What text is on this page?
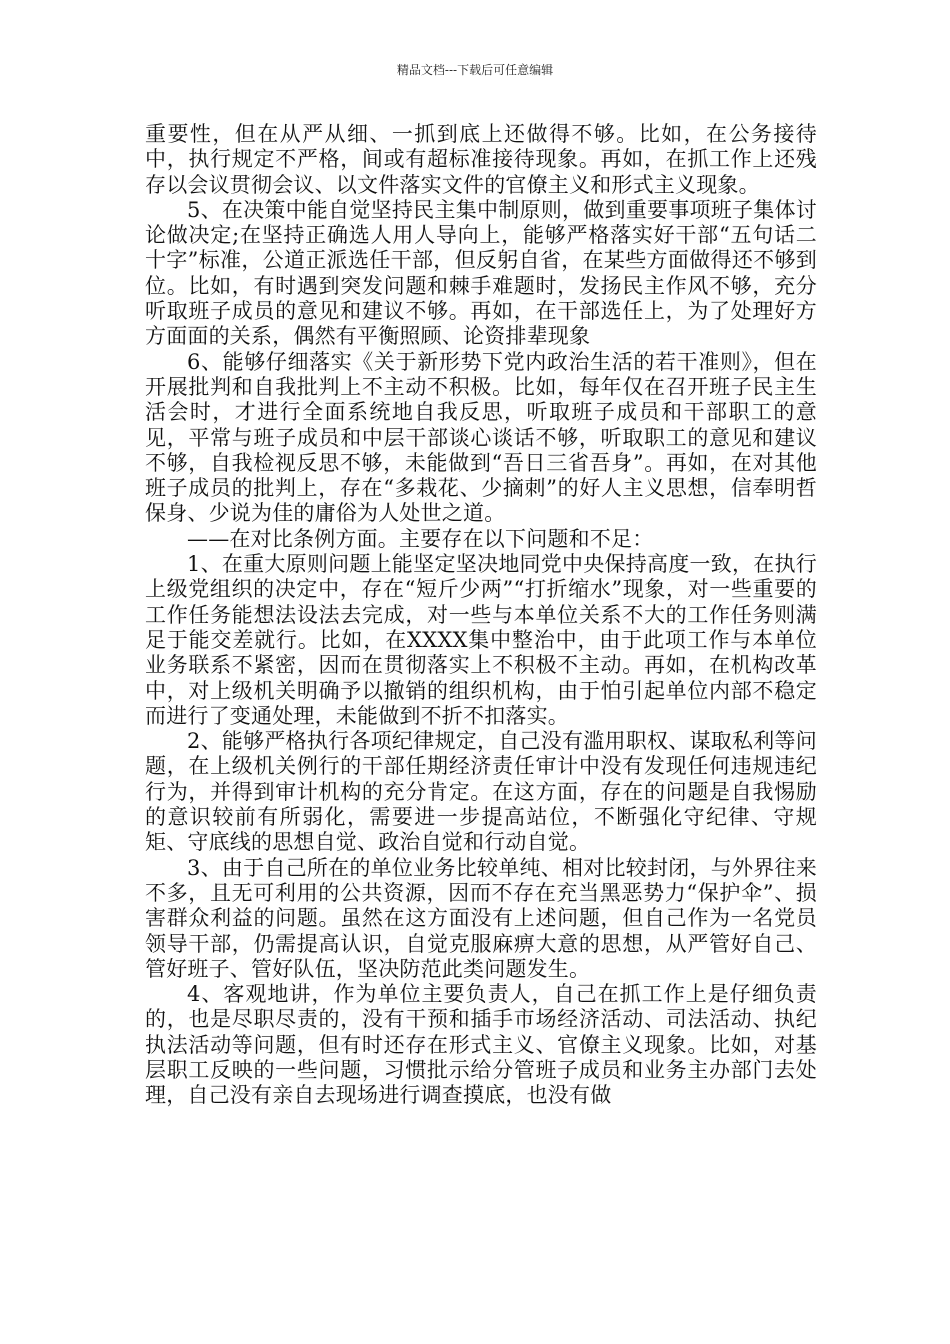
精品文档---下载后可任意编辑

重要性，但在从严从细、一抓到底上还做得不够。比如，在公务接待中，执行规定不严格，间或有超标准接待现象。再如，在抓工作上还残存以会议贯彻会议、以文件落实文件的官僚主义和形式主义现象。

5、在决策中能自觉坚持民主集中制原则，做到重要事项班子集体讨论做决定;在坚持正确选人用人导向上，能够严格落实好干部“五句话二十字”标准，公道正派选任干部，但反躬自省，在某些方面做得还不够到位。比如，有时遇到突发问题和棘手难题时，发扬民主作风不够，充分听取班子成员的意见和建议不够。再如，在干部选任上，为了处理好方方面面的关系，偶然有平衡照顾、论资排辈现象

6、能够仔细落实《关于新形势下党内政治生活的若干准则》，但在开展批判和自我批判上不主动不积极。比如，每年仅在召开班子民主生活会时，才进行全面系统地自我反思，听取班子成员和干部职工的意见，平常与班子成员和中层干部谈心谈话不够，听取职工的意见和建议不够，自我检视反思不够，未能做到“吾日三省吾身”。再如，在对其他班子成员的批判上，存在“多栽花、少摘刺”的好人主义思想，信奉明哲保身、少说为佳的庸俗为人处世之道。

——在对比条例方面。主要存在以下问题和不足：

1、在重大原则问题上能坚定坚决地同党中央保持高度一致，在执行上级党组织的决定中，存在“短斤少两”“打折缩水”现象，对一些重要的工作任务能想法设法去完成，对一些与本单位关系不大的工作任务则满足于能交差就行。比如，在XXXX集中整治中，由于此项工作与本单位业务联系不紧密，因而在贯彻落实上不积极不主动。再如，在机构改革中，对上级机关明确予以撤销的组织机构，由于怕引起单位内部不稳定而进行了变通处理，未能做到不折不扣落实。

2、能够严格执行各项纪律规定，自己没有滥用职权、谋取私利等问题，在上级机关例行的干部任期经济责任审计中没有发现任何违规违纪行为，并得到审计机构的充分肯定。在这方面，存在的问题是自我惕励的意识较前有所弱化，需要进一步提高站位，不断强化守纪律、守规矩、守底线的思想自觉、政治自觉和行动自觉。

3、由于自己所在的单位业务比较单纯、相对比较封闭，与外界往来不多，且无可利用的公共资源，因而不存在充当黑恶势力“保护伞”、损害群众利益的问题。虽然在这方面没有上述问题，但自己作为一名党员领导干部，仍需提高认识，自觉克服麻痹大意的思想，从严管好自己、管好班子、管好队伍，坚决防范此类问题发生。

4、客观地讲，作为单位主要负责人，自己在抓工作上是仔细负责的，也是尽职尽责的，没有干预和插手市场经济活动、司法活动、执纪执法活动等问题，但有时还存在形式主义、官僚主义现象。比如，对基层职工反映的一些问题，习惯批示给分管班子成员和业务主办部门去处理，自己没有亲自去现场进行调查摸底，也没有做
